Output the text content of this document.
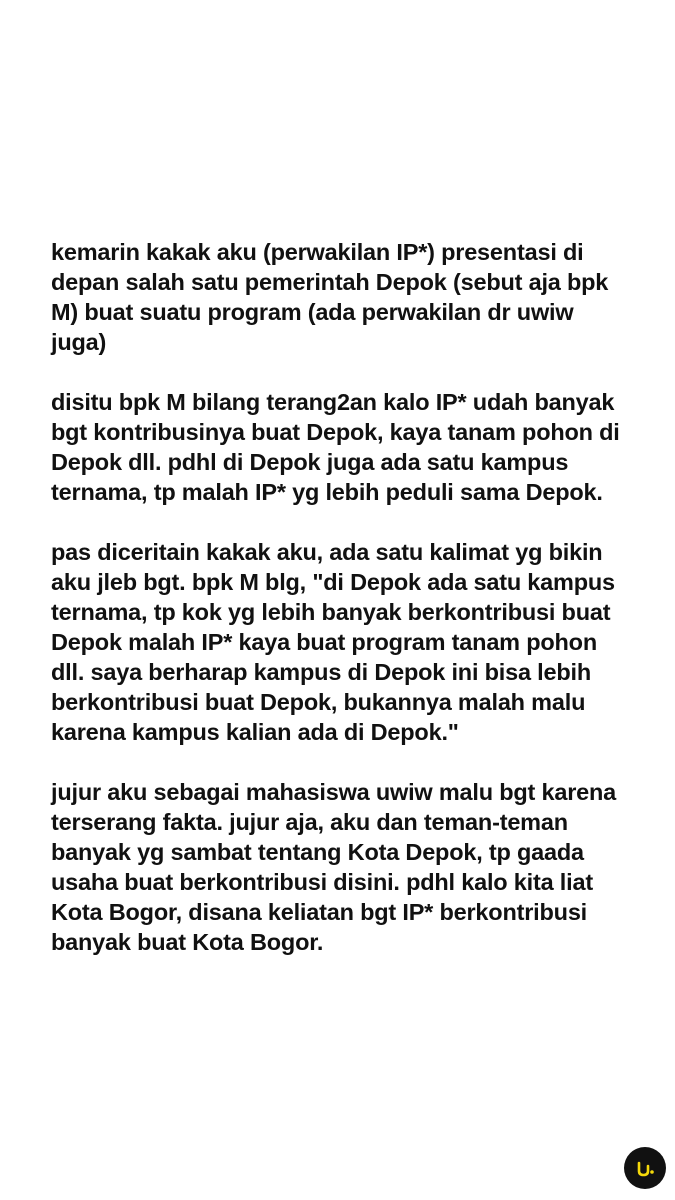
kemarin kakak aku (perwakilan IP*) presentasi di
depan salah satu pemerintah Depok (sebut aja bpk
M) buat suatu program (ada perwakilan dr uwiw
juga)

disitu bpk M bilang terang2an kalo IP* udah banyak
bgt kontribusinya buat Depok, kaya tanam pohon di
Depok dll. pdhl di Depok juga ada satu kampus
ternama, tp malah IP* yg lebih peduli sama Depok.

pas diceritain kakak aku, ada satu kalimat yg bikin
aku jleb bgt. bpk M blg, "di Depok ada satu kampus
ternama, tp kok yg lebih banyak berkontribusi buat
Depok malah IP* kaya buat program tanam pohon
dll. saya berharap kampus di Depok ini bisa lebih
berkontribusi buat Depok, bukannya malah malu
karena kampus kalian ada di Depok."

jujur aku sebagai mahasiswa uwiw malu bgt karena
terserang fakta. jujur aja, aku dan teman-teman
banyak yg sambat tentang Kota Depok, tp gaada
usaha buat berkontribusi disini. pdhl kalo kita liat
Kota Bogor, disana keliatan bgt IP* berkontribusi
banyak buat Kota Bogor.
